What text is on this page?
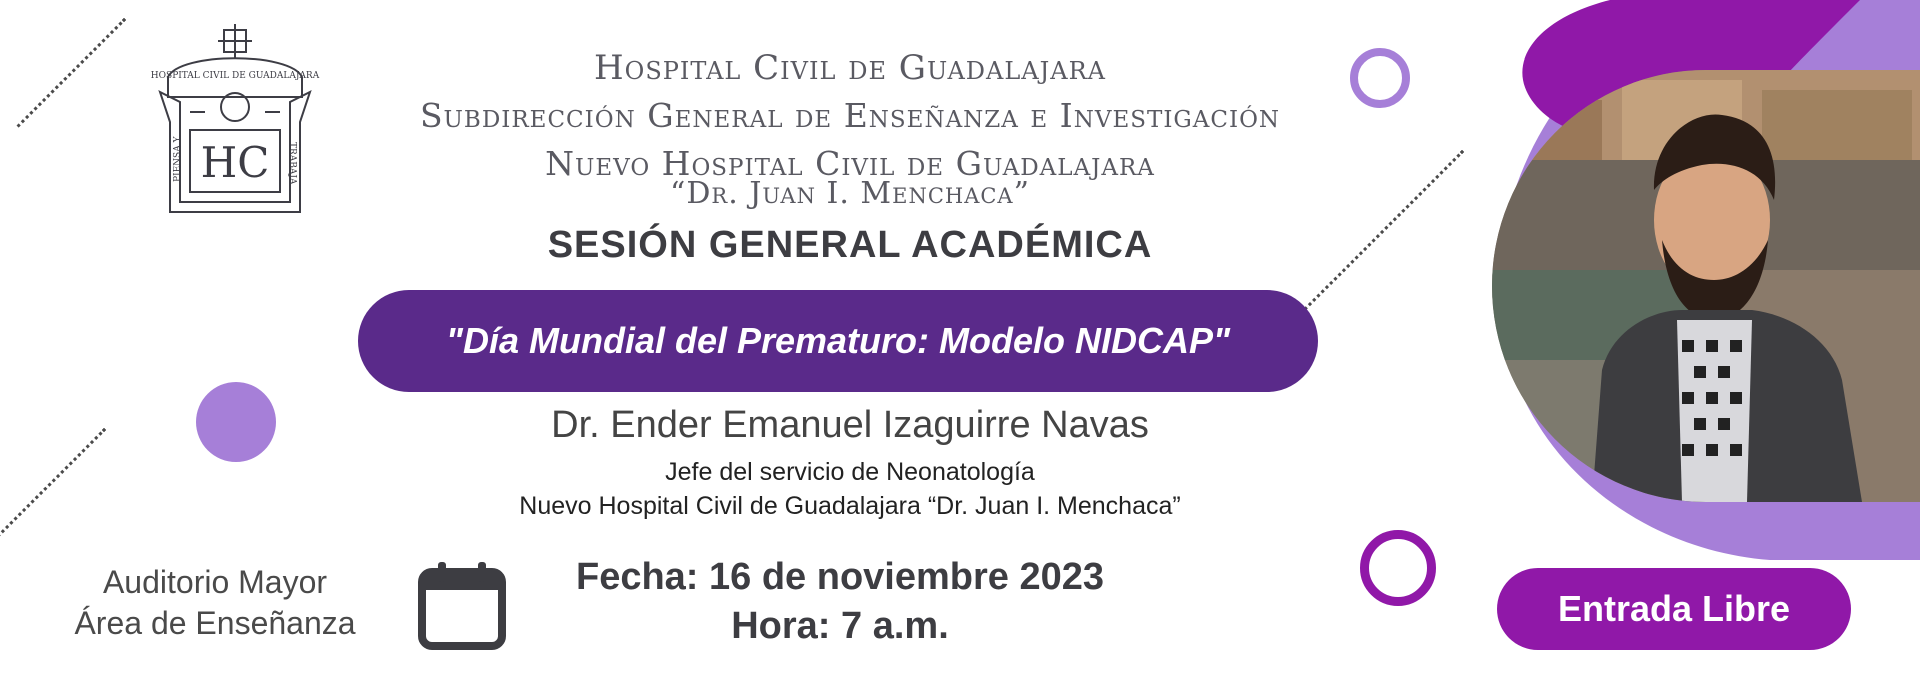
HOSPITAL CIVIL DE GUADALAJARA
HC
PIENSA Y	TRABAJA
Hospital Civil de Guadalajara
Subdirección General de Enseñanza e Investigación
Nuevo Hospital Civil de Guadalajara
“Dr. Juan I. Menchaca”
SESIÓN GENERAL ACADÉMICA
"Día Mundial del Prematuro: Modelo NIDCAP"
Dr. Ender Emanuel Izaguirre Navas
Jefe del servicio de Neonatología
Nuevo Hospital Civil de Guadalajara “Dr. Juan I. Menchaca”
Auditorio Mayor
Área de Enseñanza
Fecha: 16 de noviembre 2023
Hora: 7 a.m.	Entrada Libre
